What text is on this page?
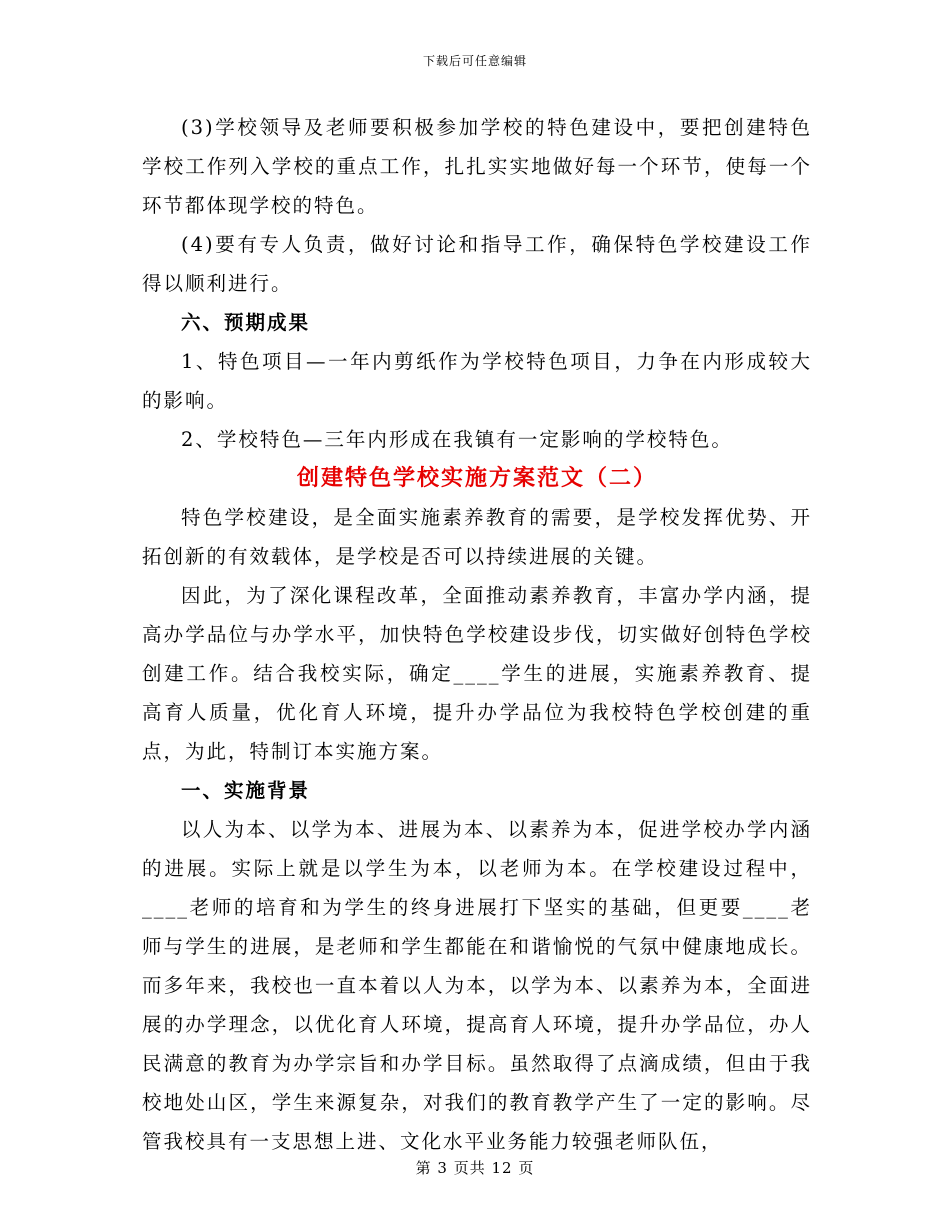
下载后可任意编辑

(3)学校领导及老师要积极参加学校的特色建设中，要把创建特色学校工作列入学校的重点工作，扎扎实实地做好每一个环节，使每一个环节都体现学校的特色。

(4)要有专人负责，做好讨论和指导工作，确保特色学校建设工作得以顺利进行。

六、预期成果

1、特色项目—一年内剪纸作为学校特色项目，力争在内形成较大的影响。

2、学校特色—三年内形成在我镇有一定影响的学校特色。

创建特色学校实施方案范文（二）

特色学校建设，是全面实施素养教育的需要，是学校发挥优势、开拓创新的有效载体，是学校是否可以持续进展的关键。

因此，为了深化课程改革，全面推动素养教育，丰富办学内涵，提高办学品位与办学水平，加快特色学校建设步伐，切实做好创特色学校创建工作。结合我校实际，确定____学生的进展，实施素养教育、提高育人质量，优化育人环境，提升办学品位为我校特色学校创建的重点，为此，特制订本实施方案。

一、实施背景

以人为本、以学为本、进展为本、以素养为本，促进学校办学内涵的进展。实际上就是以学生为本，以老师为本。在学校建设过程中，____老师的培育和为学生的终身进展打下坚实的基础，但更要____老师与学生的进展，是老师和学生都能在和谐愉悦的气氛中健康地成长。而多年来，我校也一直本着以人为本，以学为本、以素养为本，全面进展的办学理念，以优化育人环境，提高育人环境，提升办学品位，办人民满意的教育为办学宗旨和办学目标。虽然取得了点滴成绩，但由于我校地处山区，学生来源复杂，对我们的教育教学产生了一定的影响。尽管我校具有一支思想上进、文化水平业务能力较强老师队伍，

第 3 页共 12 页
